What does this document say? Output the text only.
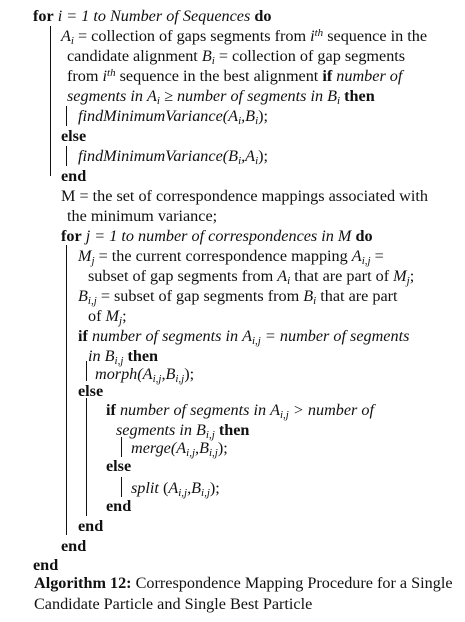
for i = 1 to Number of Sequences do
$A_i$ = collection of gaps segments from $i^{th}$ sequence in the
candidate alignment $B_i$ = collection of gap segments
from $i^{th}$ sequence in the best alignment if number of
segments in $A_i$ ≥ number of segments in $B_i$ then
$findMinimumVariance(A_i,B_i)$;
else
$findMinimumVariance(B_i,A_i)$;
end
M = the set of correspondence mappings associated with
the minimum variance;
for j = 1 to number of correspondences in M do
$M_j$ = the current correspondence mapping $A_{i,j}$ =
subset of gap segments from $A_i$ that are part of $M_j$;
$B_{i,j}$ = subset of gap segments from $B_i$ that are part
of $M_j$;
if number of segments in $A_{i,j}$ = number of segments
in $B_{i,j}$ then
$morph(A_{i,j},B_{i,j})$;
else
if number of segments in $A_{i,j}$ > number of
segments in $B_{i,j}$ then
$merge(A_{i,j},B_{i,j})$;
else
split $(A_{i,j},B_{i,j})$;
end
end
end
end
Algorithm 12: Correspondence Mapping Procedure for a Single Candidate Particle and Single Best Particle
